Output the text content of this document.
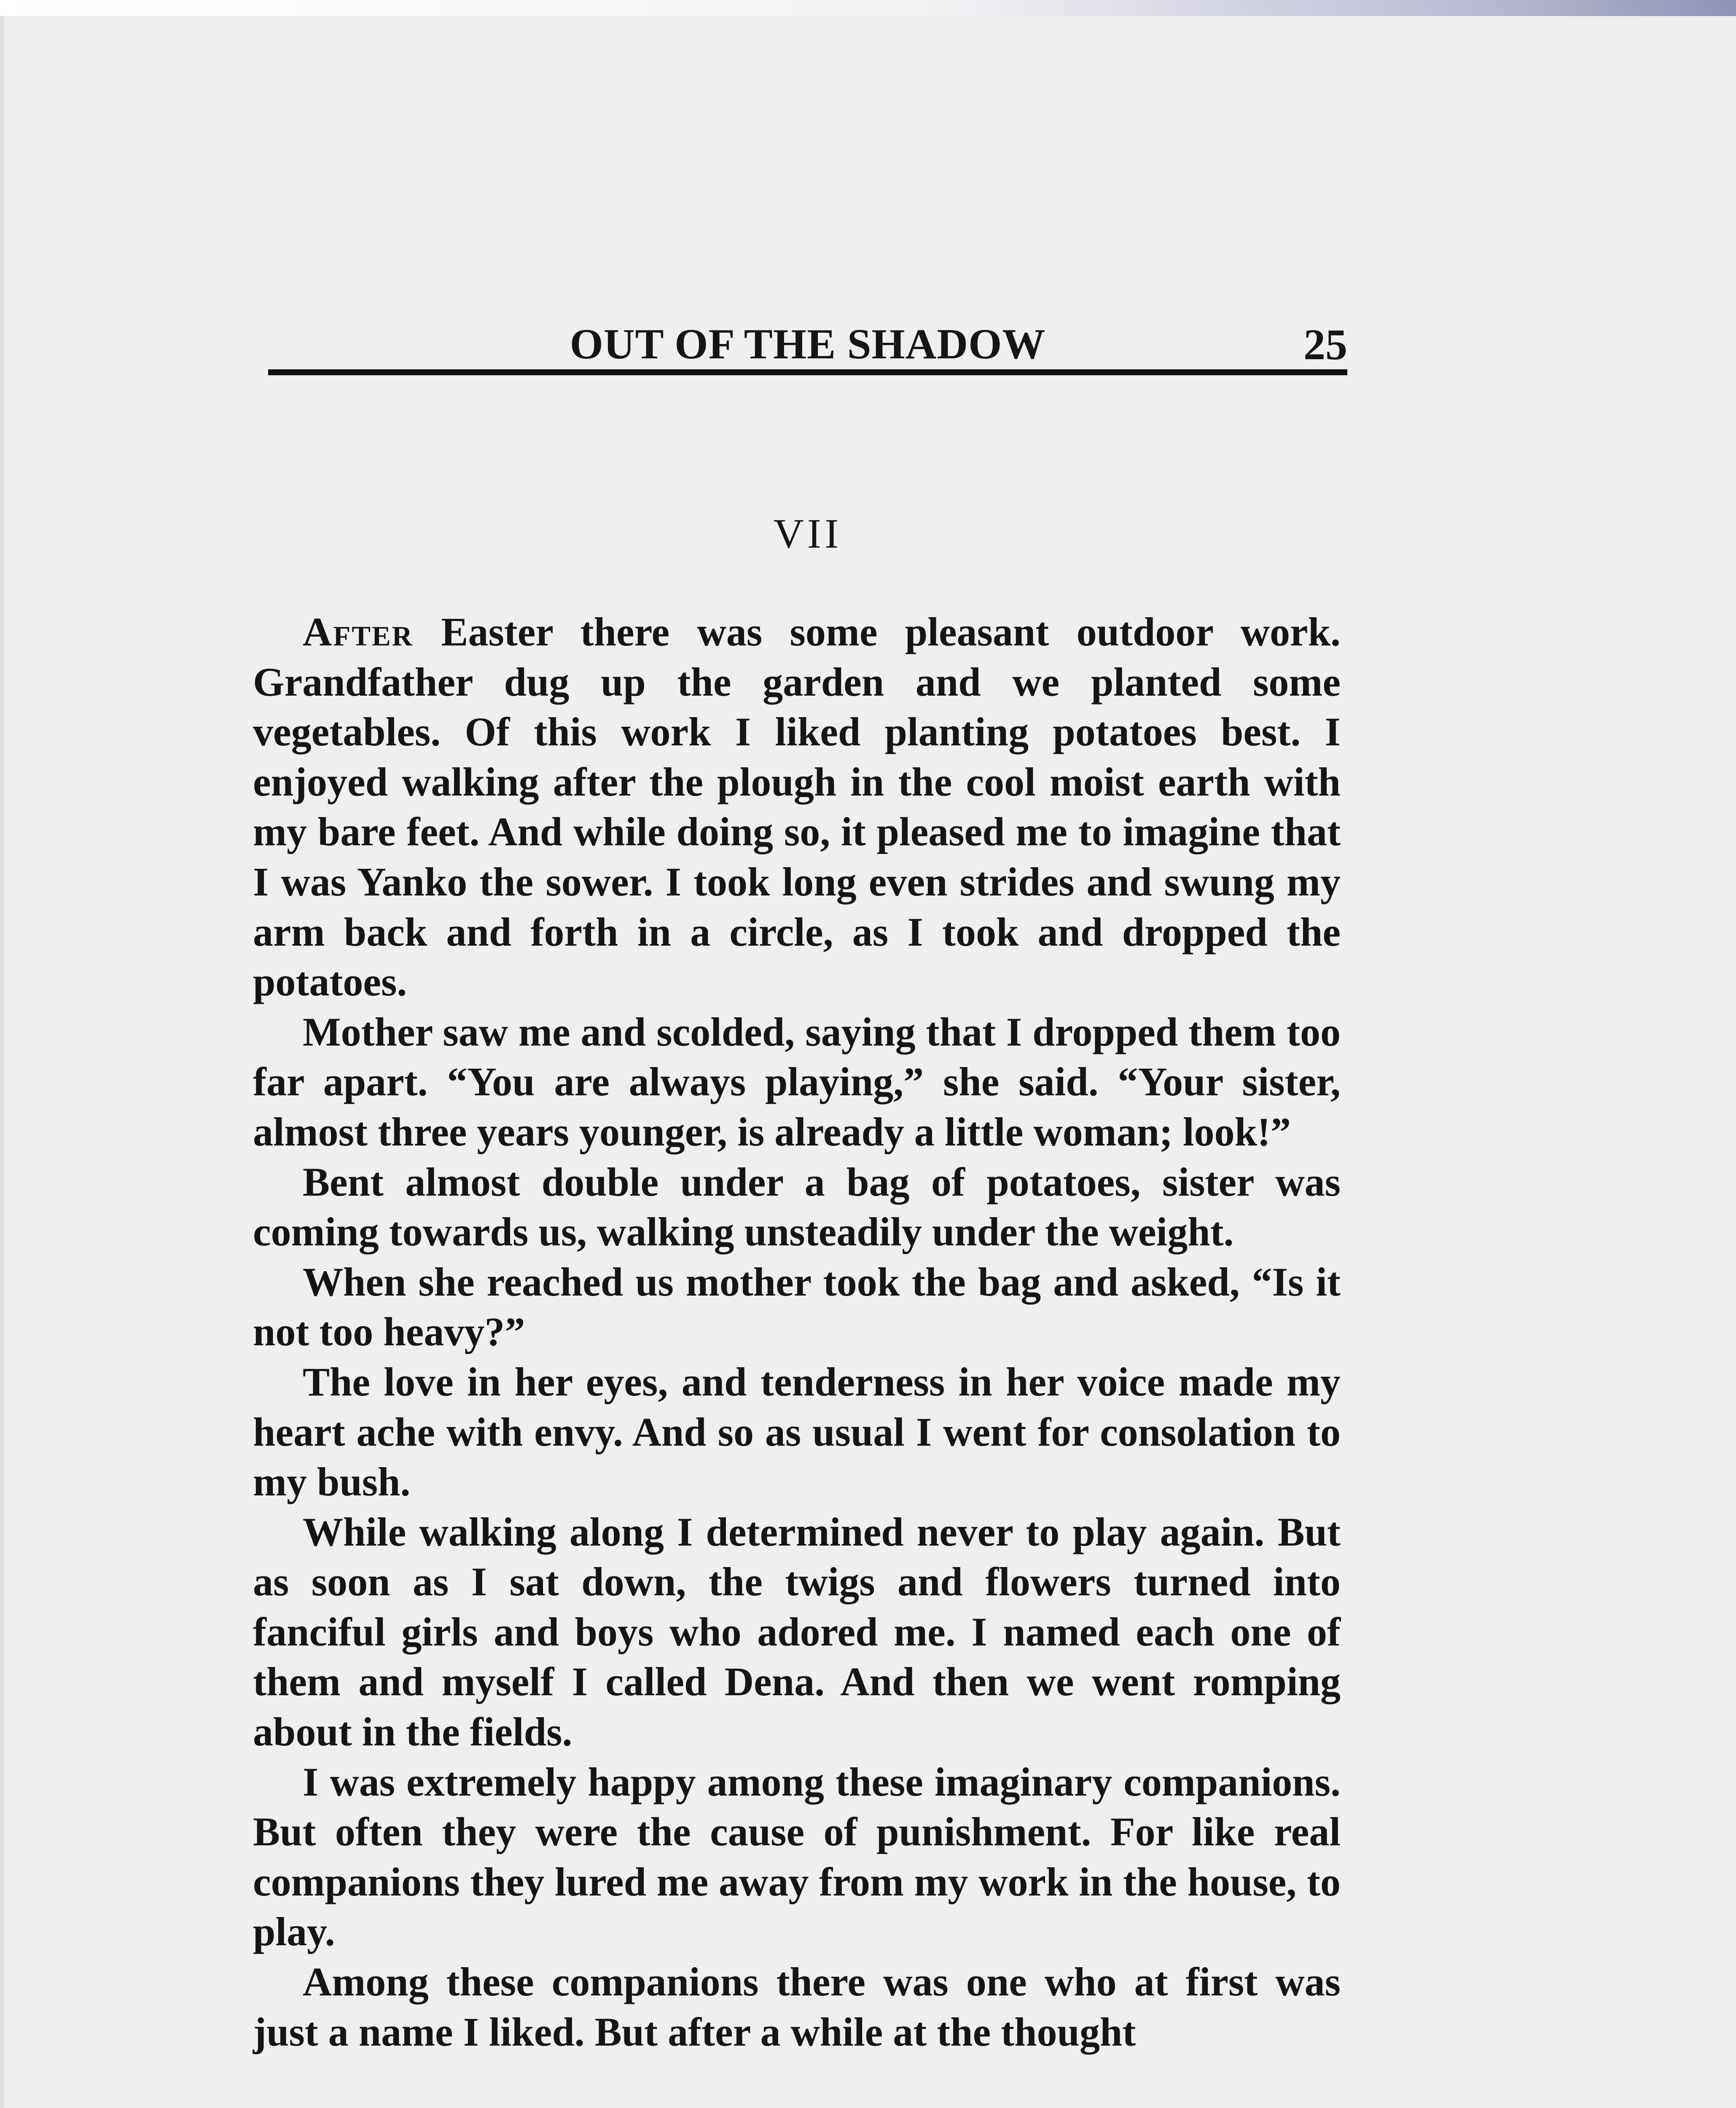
OUT OF THE SHADOW	25
VII

After Easter there was some pleasant outdoor work. Grandfather dug up the garden and we planted some vegetables. Of this work I liked planting potatoes best. I enjoyed walking after the plough in the cool moist earth with my bare feet. And while doing so, it pleased me to imagine that I was Yanko the sower. I took long even strides and swung my arm back and forth in a circle, as I took and dropped the potatoes.

Mother saw me and scolded, saying that I dropped them too far apart. “You are always playing,” she said. “Your sister, almost three years younger, is already a little woman; look!”

Bent almost double under a bag of potatoes, sister was coming towards us, walking unsteadily under the weight.

When she reached us mother took the bag and asked, “Is it not too heavy?”

The love in her eyes, and tenderness in her voice made my heart ache with envy. And so as usual I went for consolation to my bush.

While walking along I determined never to play again. But as soon as I sat down, the twigs and flowers turned into fanciful girls and boys who adored me. I named each one of them and myself I called Dena. And then we went romping about in the fields.

I was extremely happy among these imaginary companions. But often they were the cause of punishment. For like real companions they lured me away from my work in the house, to play.

Among these companions there was one who at first was just a name I liked. But after a while at the thought
